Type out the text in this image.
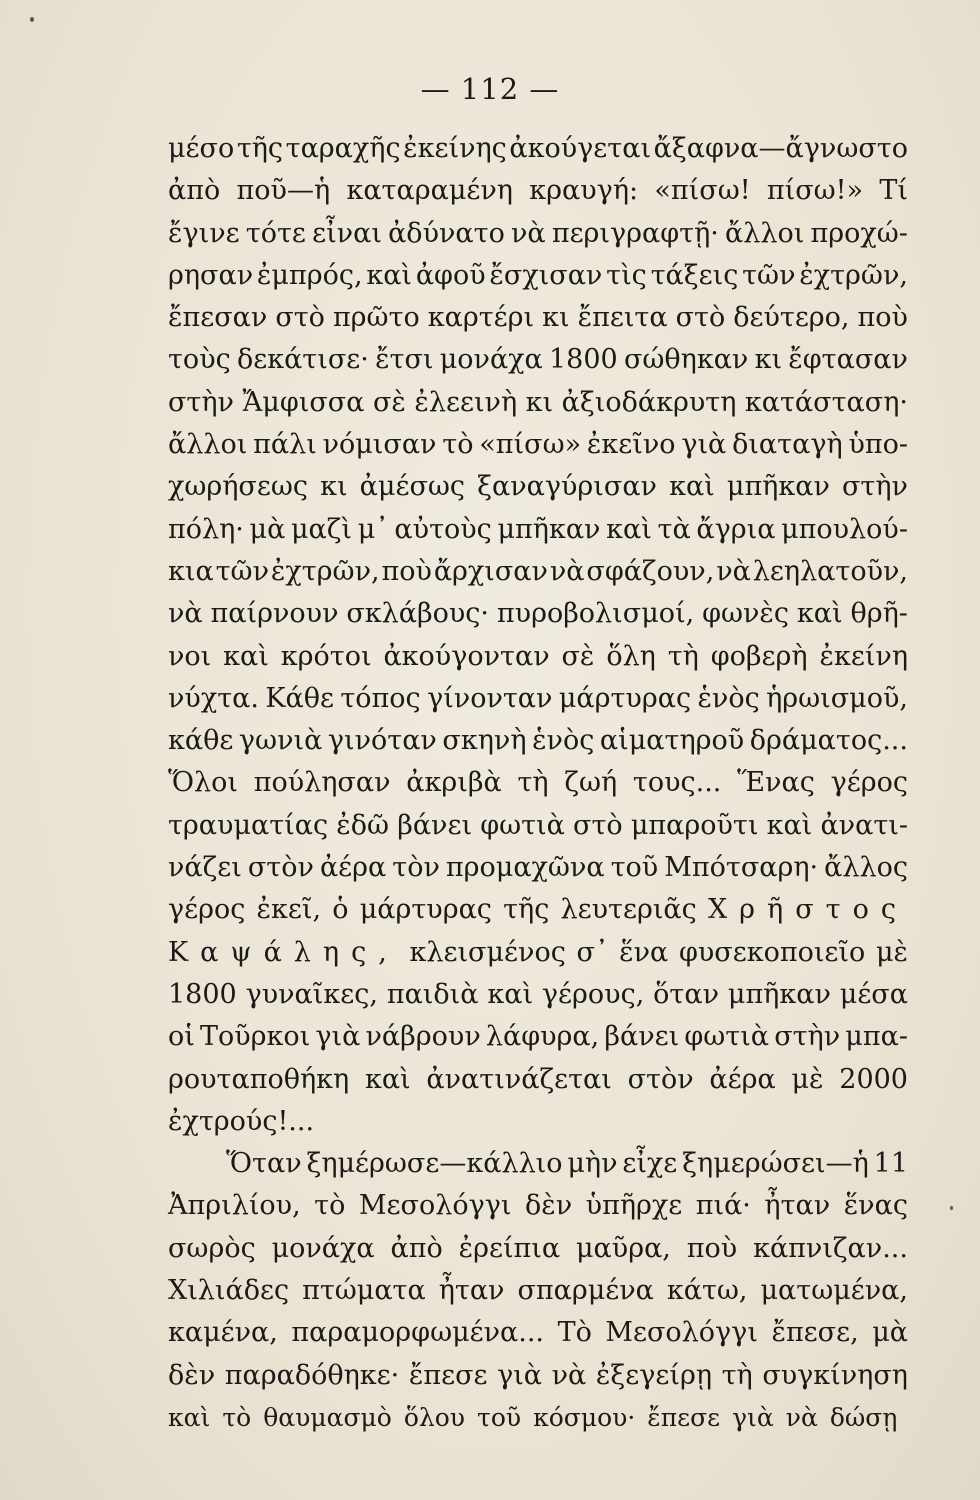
— 112 —
μέσο τῆς ταραχῆς ἐκείνης ἀκούγεται ἄξαφνα—ἄγνωστο
ἀπὸ ποῦ—ἡ καταραμένη κραυγή: «πίσω! πίσω!» Τί
ἔγινε τότε εἶναι ἀδύνατο νὰ περιγραφτῇ· ἄλλοι προχώ-
ρησαν ἐμπρός, καὶ ἀφοῦ ἔσχισαν τὶς τάξεις τῶν ἐχτρῶν,
ἔπεσαν στὸ πρῶτο καρτέρι κι ἔπειτα στὸ δεύτερο, ποὺ
τοὺς δεκάτισε· ἔτσι μονάχα 1800 σώθηκαν κι ἔφτασαν
στὴν Ἄμφισσα σὲ ἐλεεινὴ κι ἀξιοδάκρυτη κατάσταση·
ἄλλοι πάλι νόμισαν τὸ «πίσω» ἐκεῖνο γιὰ διαταγὴ ὑπο-
χωρήσεως κι ἀμέσως ξαναγύρισαν καὶ μπῆκαν στὴν
πόλη· μὰ μαζὶ μ᾽ αὐτοὺς μπῆκαν καὶ τὰ ἄγρια μπουλού-
κια τῶν ἐχτρῶν, ποὺ ἄρχισαν νὰ σφάζουν, νὰ λεηλατοῦν,
νὰ παίρνουν σκλάβους· πυροβολισμοί, φωνὲς καὶ θρῆ-
νοι καὶ κρότοι ἀκούγονταν σὲ ὅλη τὴ φοβερὴ ἐκείνη
νύχτα. Κάθε τόπος γίνονταν μάρτυρας ἑνὸς ἡρωισμοῦ,
κάθε γωνιὰ γινόταν σκηνὴ ἑνὸς αἱματηροῦ δράματος...
Ὅλοι πούλησαν ἀκριβὰ τὴ ζωή τους... Ἕνας γέρος
τραυματίας ἐδῶ βάνει φωτιὰ στὸ μπαροῦτι καὶ ἀνατι-
νάζει στὸν ἀέρα τὸν προμαχῶνα τοῦ Μπότσαρη· ἄλλος
γέρος ἐκεῖ, ὁ μάρτυρας τῆς λευτεριᾶς Χρῆστος
Καψάλης, κλεισμένος σ᾽ ἕνα φυσεκοποιεῖο μὲ
1800 γυναῖκες, παιδιὰ καὶ γέρους, ὅταν μπῆκαν μέσα
οἱ Τοῦρκοι γιὰ νάβρουν λάφυρα, βάνει φωτιὰ στὴν μπα-
ρουταποθήκη καὶ ἀνατινάζεται στὸν ἀέρα μὲ 2000
ἐχτρούς!...
Ὅταν ξημέρωσε—κάλλιο μὴν εἶχε ξημερώσει—ἡ 11
Ἀπριλίου, τὸ Μεσολόγγι δὲν ὑπῆρχε πιά· ἦταν ἕνας
σωρὸς μονάχα ἀπὸ ἐρείπια μαῦρα, ποὺ κάπνιζαν...
Χιλιάδες πτώματα ἦταν σπαρμένα κάτω, ματωμένα,
καμένα, παραμορφωμένα... Τὸ Μεσολόγγι ἔπεσε, μὰ
δὲν παραδόθηκε· ἔπεσε γιὰ νὰ ἐξεγείρῃ τὴ συγκίνηση
καὶ τὸ θαυμασμὸ ὅλου τοῦ κόσμου· ἔπεσε γιὰ νὰ δώσῃ
